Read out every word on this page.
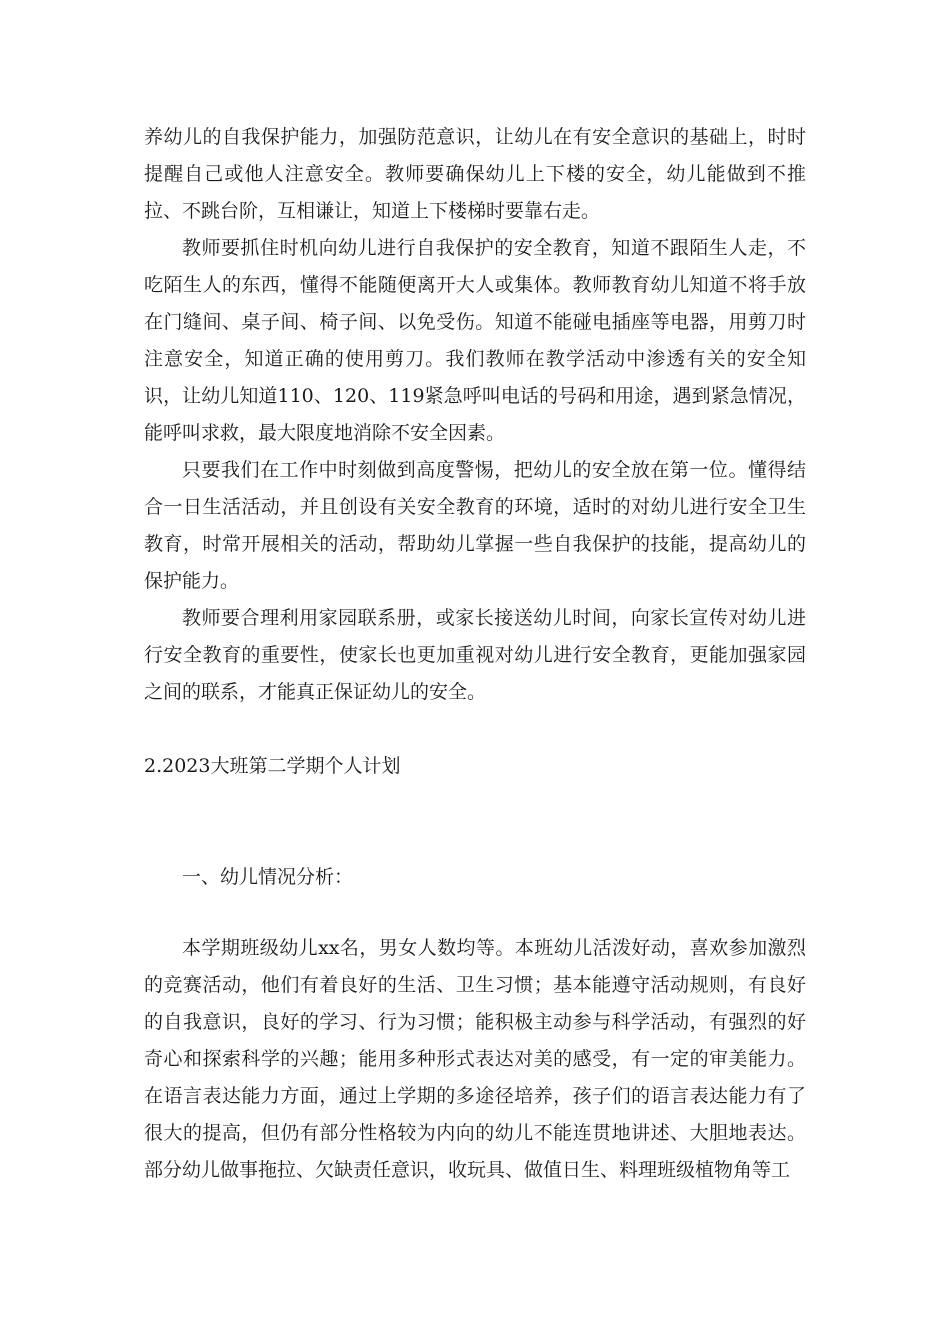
养幼儿的自我保护能力，加强防范意识，让幼儿在有安全意识的基础上，时时提醒自己或他人注意安全。教师要确保幼儿上下楼的安全，幼儿能做到不推拉、不跳台阶，互相谦让，知道上下楼梯时要靠右走。

教师要抓住时机向幼儿进行自我保护的安全教育，知道不跟陌生人走，不吃陌生人的东西，懂得不能随便离开大人或集体。教师教育幼儿知道不将手放在门缝间、桌子间、椅子间、以免受伤。知道不能碰电插座等电器，用剪刀时注意安全，知道正确的使用剪刀。我们教师在教学活动中渗透有关的安全知识，让幼儿知道110、120、119紧急呼叫电话的号码和用途，遇到紧急情况，能呼叫求救，最大限度地消除不安全因素。

只要我们在工作中时刻做到高度警惕，把幼儿的安全放在第一位。懂得结合一日生活活动，并且创设有关安全教育的环境，适时的对幼儿进行安全卫生教育，时常开展相关的活动，帮助幼儿掌握一些自我保护的技能，提高幼儿的保护能力。

教师要合理利用家园联系册，或家长接送幼儿时间，向家长宣传对幼儿进行安全教育的重要性，使家长也更加重视对幼儿进行安全教育，更能加强家园之间的联系，才能真正保证幼儿的安全。

2.2023大班第二学期个人计划

一、幼儿情况分析：

本学期班级幼儿xx名，男女人数均等。本班幼儿活泼好动，喜欢参加激烈的竞赛活动，他们有着良好的生活、卫生习惯；基本能遵守活动规则，有良好的自我意识，良好的学习、行为习惯；能积极主动参与科学活动，有强烈的好奇心和探索科学的兴趣；能用多种形式表达对美的感受，有一定的审美能力。在语言表达能力方面，通过上学期的多途径培养，孩子们的语言表达能力有了很大的提高，但仍有部分性格较为内向的幼儿不能连贯地讲述、大胆地表达。部分幼儿做事拖拉、欠缺责任意识，收玩具、做值日生、料理班级植物角等工
